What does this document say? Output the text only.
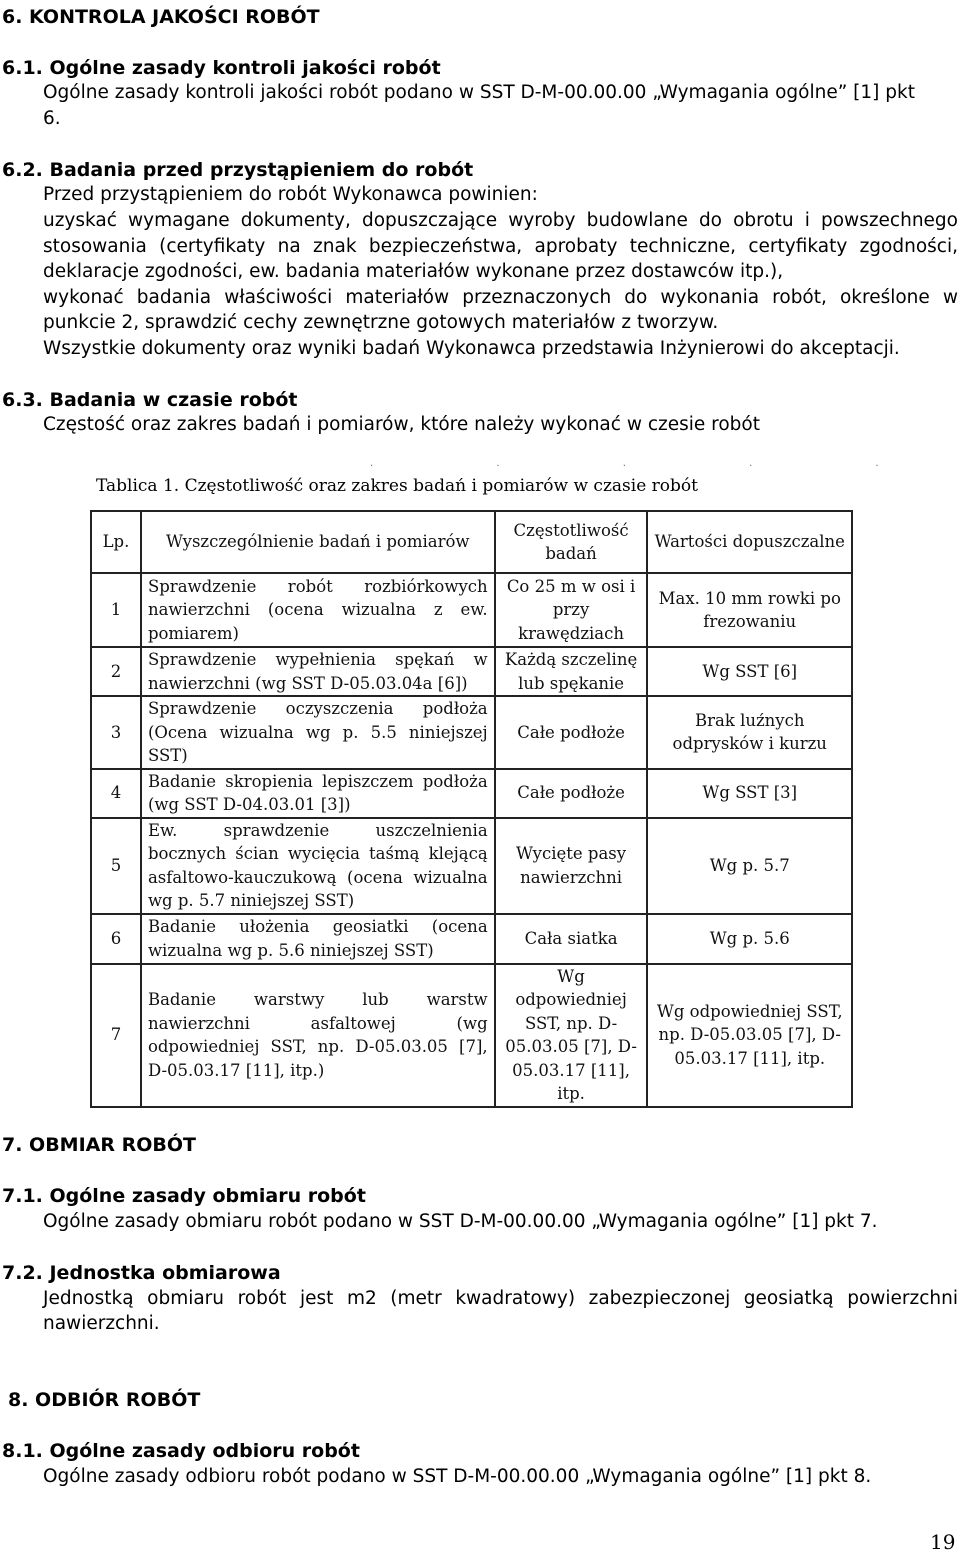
6. KONTROLA JAKOŚCI ROBÓT
6.1. Ogólne zasady kontroli jakości robót
Ogólne zasady kontroli jakości robót podano w SST D-M-00.00.00 „Wymagania ogólne” [1] pkt
6.
6.2. Badania przed przystąpieniem do robót
Przed przystąpieniem do robót Wykonawca powinien:
uzyskać wymagane dokumenty, dopuszczające wyroby budowlane do obrotu i powszechnego
stosowania (certyfikaty na znak bezpieczeństwa, aprobaty techniczne, certyfikaty zgodności,
deklaracje zgodności, ew. badania materiałów wykonane przez dostawców itp.),
wykonać badania właściwości materiałów przeznaczonych do wykonania robót, określone w
punkcie 2, sprawdzić cechy zewnętrzne gotowych materiałów z tworzyw.
Wszystkie dokumenty oraz wyniki badań Wykonawca przedstawia Inżynierowi do akceptacji.
6.3. Badania w czasie robót
Częstość oraz zakres badań i pomiarów, które należy wykonać w czesie robót
· · · · ·
Tablica 1. Częstotliwość oraz zakres badań i pomiarów w czasie robót
Lp.	Wyszczególnienie badań i pomiarów	Częstotliwość badań	Wartości dopuszczalne
1	Sprawdzenie robót rozbiórkowych nawierzchni (ocena wizualna z ew. pomiarem)	Co 25 m w osi i przy krawędziach	Max. 10 mm rowki po frezowaniu
2	Sprawdzenie wypełnienia spękań w nawierzchni (wg SST D-05.03.04a [6])	Każdą szczelinę lub spękanie	Wg SST [6]
3	Sprawdzenie oczyszczenia podłoża (Ocena wizualna wg p. 5.5 niniejszej SST)	Całe podłoże	Brak luźnych odprysków i kurzu
4	Badanie skropienia lepiszczem podłoża (wg SST D-04.03.01 [3])	Całe podłoże	Wg SST [3]
5	Ew. sprawdzenie uszczelnienia bocznych ścian wycięcia taśmą klejącą asfaltowo-kauczukową (ocena wizualna wg p. 5.7 niniejszej SST)	Wycięte pasy nawierzchni	Wg p. 5.7
6	Badanie ułożenia geosiatki (ocena wizualna wg p. 5.6 niniejszej SST)	Cała siatka	Wg p. 5.6
7	Badanie warstwy lub warstw nawierzchni asfaltowej (wg odpowiedniej SST, np. D-05.03.05 [7], D-05.03.17 [11], itp.)	Wg odpowiedniej SST, np. D-05.03.05 [7], D-05.03.17 [11], itp.	Wg odpowiedniej SST, np. D-05.03.05 [7], D-05.03.17 [11], itp.
7. OBMIAR ROBÓT
7.1. Ogólne zasady obmiaru robót
Ogólne zasady obmiaru robót podano w SST D-M-00.00.00 „Wymagania ogólne” [1] pkt 7.
7.2. Jednostka obmiarowa
Jednostką obmiaru robót jest m2 (metr kwadratowy) zabezpieczonej geosiatką powierzchni
nawierzchni.
8. ODBIÓR ROBÓT
8.1. Ogólne zasady odbioru robót
Ogólne zasady odbioru robót podano w SST D-M-00.00.00 „Wymagania ogólne” [1] pkt 8.
19
